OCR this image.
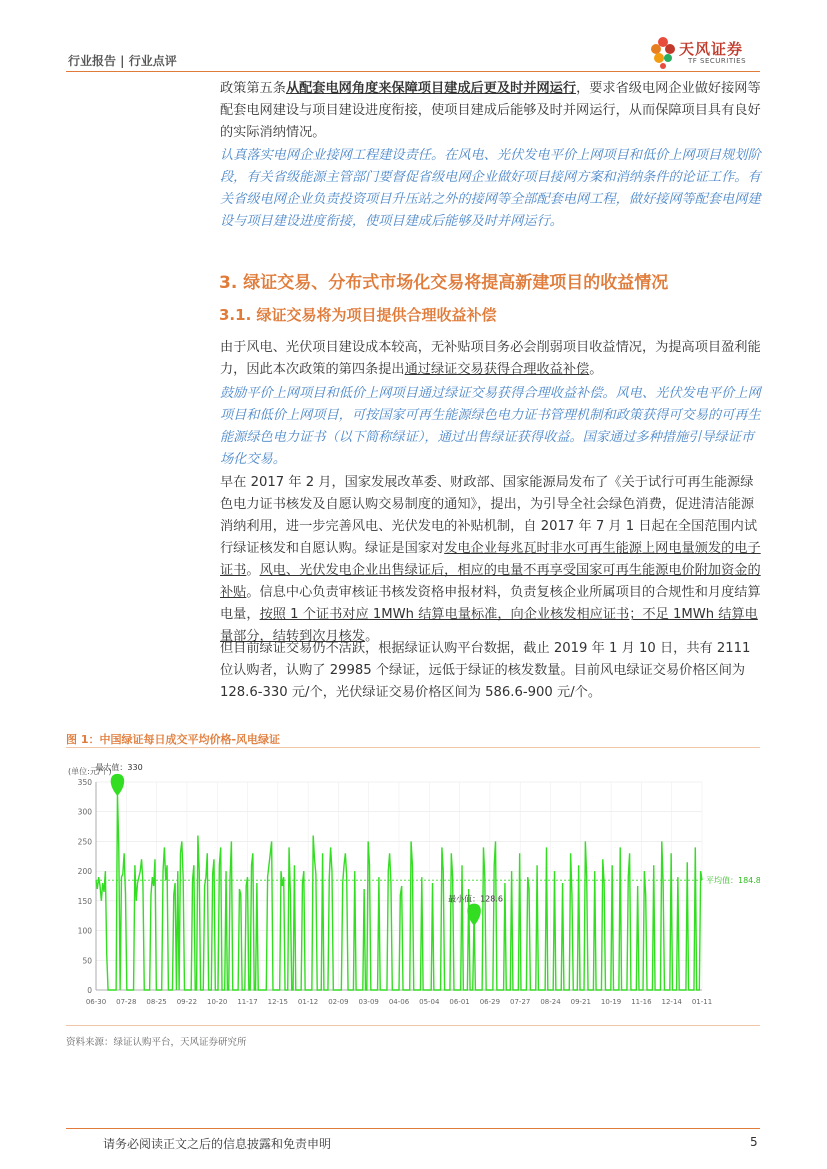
行业报告 | 行业点评
天风证券
TF SECURITIES

政策第五条从配套电网角度来保障项目建成后更及时并网运行，要求省级电网企业做好接网等配套电网建设与项目建设进度衔接，使项目建成后能够及时并网运行，从而保障项目具有良好的实际消纳情况。

认真落实电网企业接网工程建设责任。在风电、光伏发电平价上网项目和低价上网项目规划阶段，有关省级能源主管部门要督促省级电网企业做好项目接网方案和消纳条件的论证工作。有关省级电网企业负责投资项目升压站之外的接网等全部配套电网工程，做好接网等配套电网建设与项目建设进度衔接，使项目建成后能够及时并网运行。

3. 绿证交易、分布式市场化交易将提高新建项目的收益情况
3.1. 绿证交易将为项目提供合理收益补偿

由于风电、光伏项目建设成本较高，无补贴项目务必会削弱项目收益情况，为提高项目盈利能力，因此本次政策的第四条提出通过绿证交易获得合理收益补偿。

鼓励平价上网项目和低价上网项目通过绿证交易获得合理收益补偿。风电、光伏发电平价上网项目和低价上网项目，可按国家可再生能源绿色电力证书管理机制和政策获得可交易的可再生能源绿色电力证书（以下简称绿证），通过出售绿证获得收益。国家通过多种措施引导绿证市场化交易。

早在 2017 年 2 月，国家发展改革委、财政部、国家能源局发布了《关于试行可再生能源绿色电力证书核发及自愿认购交易制度的通知》，提出，为引导全社会绿色消费，促进清洁能源消纳利用，进一步完善风电、光伏发电的补贴机制，自 2017 年 7 月 1 日起在全国范围内试行绿证核发和自愿认购。绿证是国家对发电企业每兆瓦时非水可再生能源上网电量颁发的电子证书。风电、光伏发电企业出售绿证后，相应的电量不再享受国家可再生能源电价附加资金的补贴。信息中心负责审核证书核发资格申报材料，负责复核企业所属项目的合规性和月度结算电量，按照 1 个证书对应 1MWh 结算电量标准，向企业核发相应证书；不足 1MWh 结算电量部分，结转到次月核发。

但目前绿证交易仍不活跃，根据绿证认购平台数据，截止 2019 年 1 月 10 日，共有 2111 位认购者，认购了 29985 个绿证，远低于绿证的核发数量。目前风电绿证交易价格区间为 128.6-330 元/个，光伏绿证交易价格区间为 586.6-900 元/个。

图 1：中国绿证每日成交平均价格-风电绿证
(单位:元/个)
0
50
100
150
200
250
300
350
06-30 07-28 08-25 09-22 10-20 11-17 12-15 01-12 02-09 03-09 04-06 05-04 06-01 06-29 07-27 08-24 09-21 10-19 11-16 12-14 01-11
平均值：184.8
最大值：330
最小值：128.6
资料来源：绿证认购平台，天风证券研究所
请务必阅读正文之后的信息披露和免责申明	5
